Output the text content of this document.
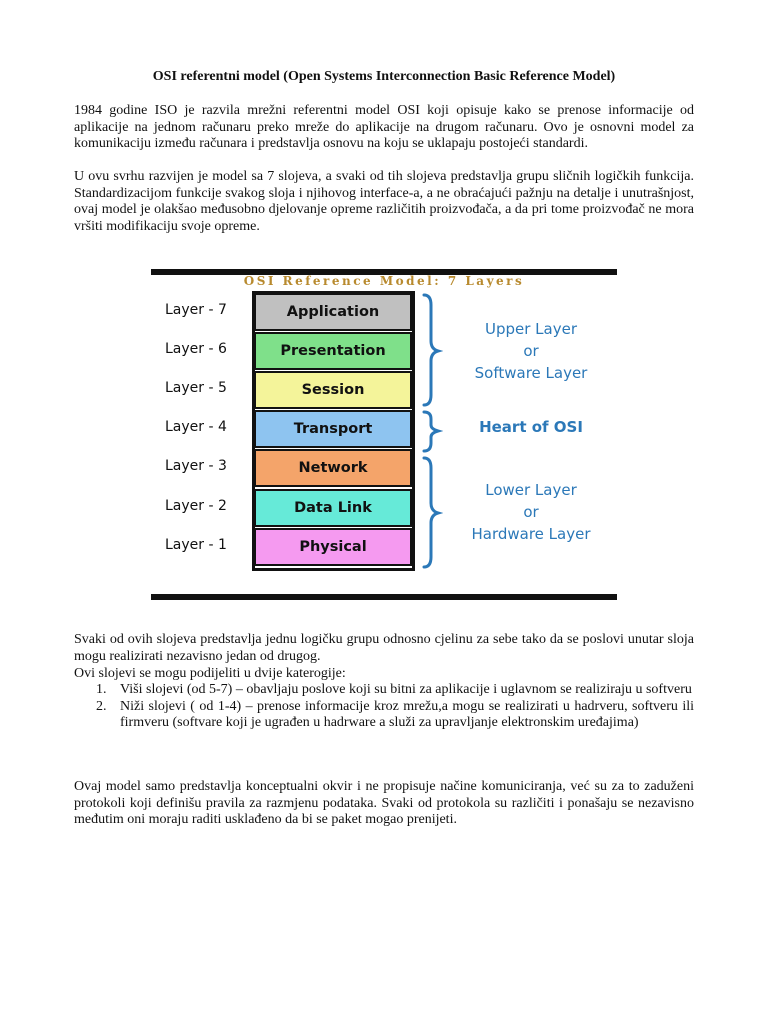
OSI referentni model (Open Systems Interconnection Basic Reference Model)

1984 godine ISO je razvila mrežni referentni model OSI koji opisuje kako se prenose informacije od aplikacije na jednom računaru preko mreže do aplikacije na drugom računaru. Ovo je osnovni model za komunikaciju između računara i predstavlja osnovu na koju se uklapaju postojeći standardi.

U ovu svrhu razvijen je model sa 7 slojeva, a svaki od tih slojeva predstavlja grupu sličnih logičkih funkcija. Standardizacijom funkcije svakog sloja i njihovog interface-a, a ne obraćajući pažnju na detalje i unutrašnjost, ovaj model je olakšao međusobno djelovanje opreme različitih proizvođača, a da pri tome proizvođač ne mora vršiti modifikaciju svoje opreme.

Svaki od ovih slojeva predstavlja jednu logičku grupu odnosno cjelinu za sebe tako da se poslovi unutar sloja mogu realizirati nezavisno jedan od drugog.

Ovi slojevi se mogu podijeliti u dvije katerogije:

1. Viši slojevi (od 5-7) – obavljaju poslove koji su bitni za aplikacije i uglavnom se realiziraju u softveru
2. Niži slojevi ( od 1-4) – prenose informacije kroz mrežu,a mogu se realizirati u hadrveru, softveru ili firmveru (softvare koji je ugrađen u hadrware a služi za upravljanje elektronskim uređajima)

Ovaj model samo predstavlja konceptualni okvir i ne propisuje načine komuniciranja, već su za to zaduženi protokoli koji definišu pravila za razmjenu podataka. Svaki od protokola su različiti i ponašaju se nezavisno međutim oni moraju raditi usklađeno da bi se paket mogao prenijeti.

OSI Reference Model: 7 Layers
Layer - 7
Layer - 6
Layer - 5
Layer - 4
Layer - 3
Layer - 2
Layer - 1
Application
Presentation
Session
Transport
Network
Data Link
Physical
Upper Layer
or
Software Layer
Heart of OSI
Lower Layer
or
Hardware Layer
